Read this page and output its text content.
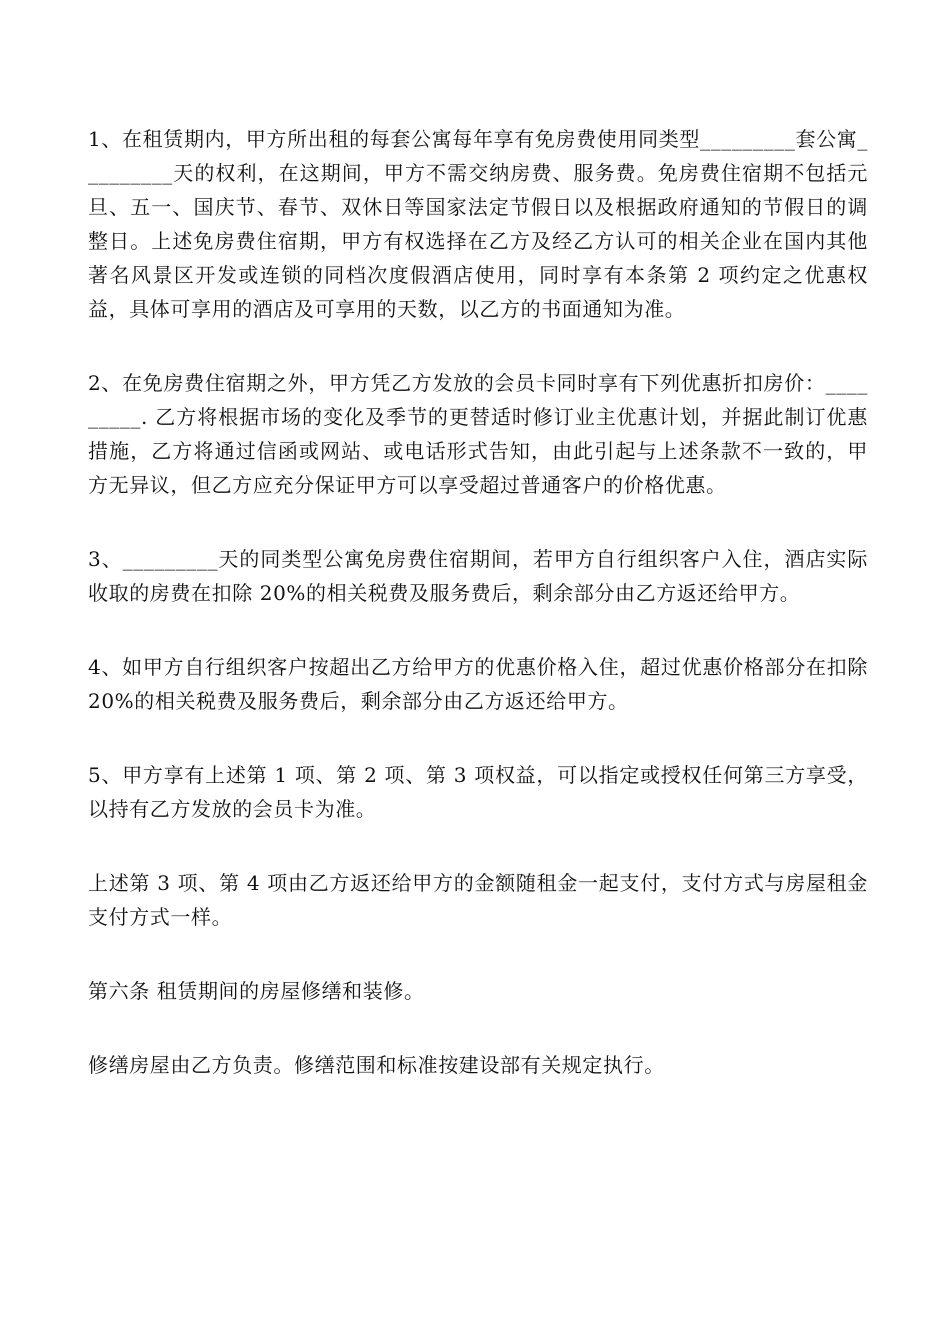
1、在租赁期内，甲方所出租的每套公寓每年享有免房费使用同类型_________套公寓_________天的权利，在这期间，甲方不需交纳房费、服务费。免房费住宿期不包括元旦、五一、国庆节、春节、双休日等国家法定节假日以及根据政府通知的节假日的调整日。上述免房费住宿期，甲方有权选择在乙方及经乙方认可的相关企业在国内其他著名风景区开发或连锁的同档次度假酒店使用，同时享有本条第 2 项约定之优惠权益，具体可享用的酒店及可享用的天数，以乙方的书面通知为准。

2、在免房费住宿期之外，甲方凭乙方发放的会员卡同时享有下列优惠折扣房价：_________. 乙方将根据市场的变化及季节的更替适时修订业主优惠计划，并据此制订优惠措施，乙方将通过信函或网站、或电话形式告知，由此引起与上述条款不一致的，甲方无异议，但乙方应充分保证甲方可以享受超过普通客户的价格优惠。

3、_________天的同类型公寓免房费住宿期间，若甲方自行组织客户入住，酒店实际收取的房费在扣除 20%的相关税费及服务费后，剩余部分由乙方返还给甲方。

4、如甲方自行组织客户按超出乙方给甲方的优惠价格入住，超过优惠价格部分在扣除 20%的相关税费及服务费后，剩余部分由乙方返还给甲方。

5、甲方享有上述第 1 项、第 2 项、第 3 项权益，可以指定或授权任何第三方享受，以持有乙方发放的会员卡为准。

上述第 3 项、第 4 项由乙方返还给甲方的金额随租金一起支付，支付方式与房屋租金支付方式一样。

第六条 租赁期间的房屋修缮和装修。

修缮房屋由乙方负责。修缮范围和标准按建设部有关规定执行。
